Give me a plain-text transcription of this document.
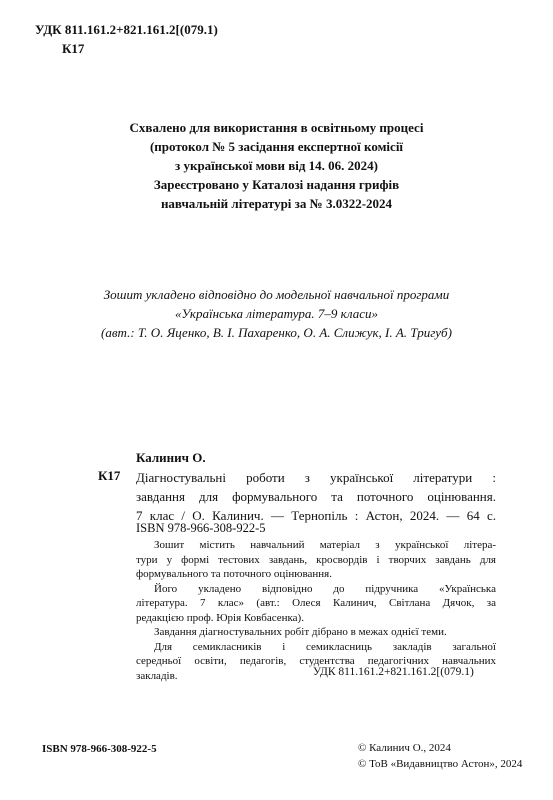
УДК 811.161.2+821.161.2[(079.1)
К17
Схвалено для використання в освітньому процесі
(протокол № 5 засідання експертної комісії
з української мови від 14. 06. 2024)
Зареєстровано у Каталозі надання грифів
навчальній літературі за № 3.0322-2024
Зошит укладено відповідно до модельної навчальної програми
«Українська література. 7–9 класи»
(авт.: Т. О. Яценко, В. І. Пахаренко, О. А. Слижук, І. А. Тригуб)
Калинич О.
К17 Діагностувальні роботи з української літератури :
завдання для формувального та поточного оцінювання.
7 клас / О. Калинич. — Тернопіль : Астон, 2024. — 64 с.
ISBN 978-966-308-922-5

Зошит містить навчальний матеріал з української літера-
тури у формі тестових завдань, кросвордів і творчих завдань для
формувального та поточного оцінювання.

Його укладено відповідно до підручника «Українська
література. 7 клас» (авт.: Олеся Калинич, Світлана Дячок, за
редакцією проф. Юрія Ковбасенка).

Завдання діагностувальних робіт дібрано в межах однієї теми.

Для семикласників і семикласниць закладів загальної
середньої освіти, педагогів, студентства педагогічних навчальних
закладів.	УДК 811.161.2+821.161.2[(079.1)
ISBN 978-966-308-922-5	© Калинич О., 2024
© ТоВ «Видавництво Астон», 2024
